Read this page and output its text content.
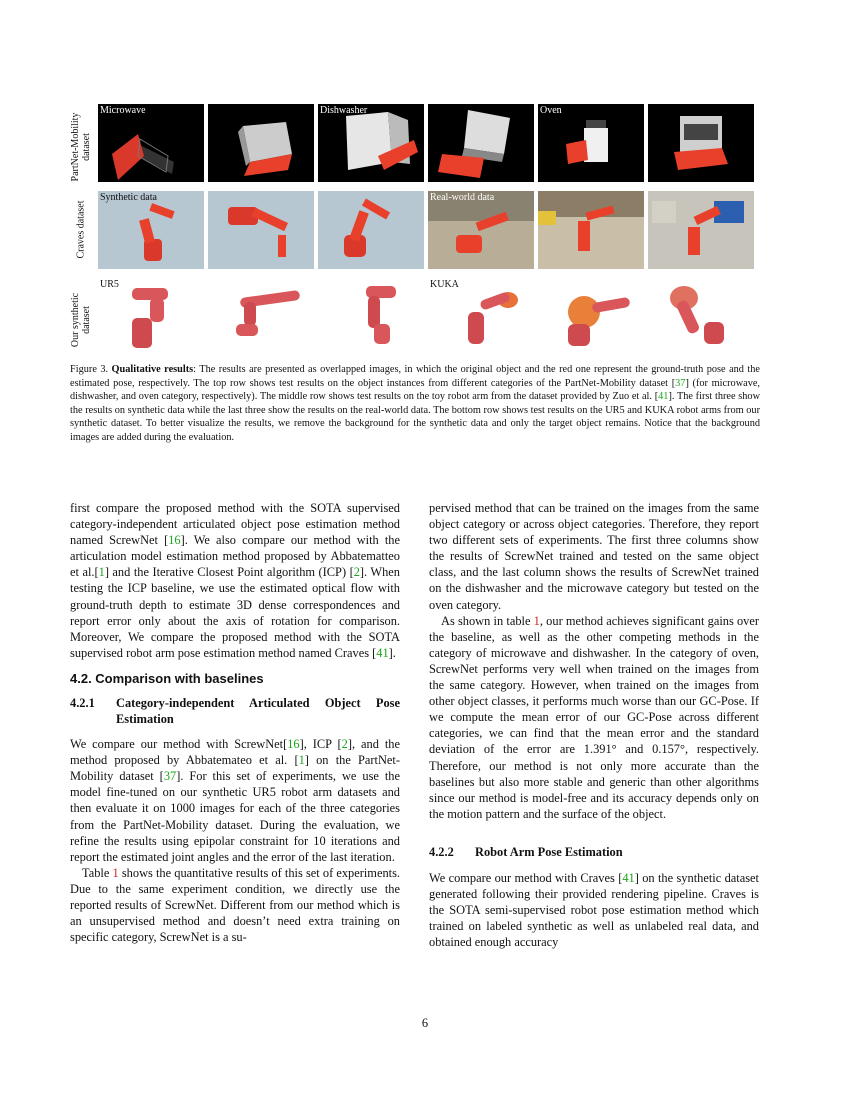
PartNet-Mobility dataset
Craves dataset
Our synthetic dataset
Microwave	Dishwasher	Oven
Synthetic data	Real-world data
UR5	KUKA
Figure 3. Qualitative results: The results are presented as overlapped images, in which the original object and the red one represent the ground-truth pose and the estimated pose, respectively. The top row shows test results on the object instances from different categories of the PartNet-Mobility dataset [37] (for microwave, dishwasher, and oven category, respectively). The middle row shows test results on the toy robot arm from the dataset provided by Zuo et al. [41]. The first three show the results on synthetic data while the last three show the results on the real-world data. The bottom row shows test results on the UR5 and KUKA robot arms from our synthetic dataset. To better visualize the results, we remove the background for the synthetic data and only the target object remains. Notice that the background images are added during the evaluation.

first compare the proposed method with the SOTA supervised category-independent articulated object pose estimation method named ScrewNet [16]. We also compare our method with the articulation model estimation method proposed by Abbatematteo et al.[1] and the Iterative Closest Point algorithm (ICP) [2]. When testing the ICP baseline, we use the estimated optical flow with ground-truth depth to estimate 3D dense correspondences and report error only about the axis of rotation for comparison. Moreover, We compare the proposed method with the SOTA supervised robot arm pose estimation method named Craves [41].

4.2. Comparison with baselines

4.2.1	Category-independent Articulated Object Pose Estimation

We compare our method with ScrewNet[16], ICP [2], and the method proposed by Abbatemateo et al. [1] on the PartNet-Mobility dataset [37]. For this set of experiments, we use the model fine-tuned on our synthetic UR5 robot arm datasets and then evaluate it on 1000 images for each of the three categories from the PartNet-Mobility dataset. During the evaluation, we refine the results using epipolar constraint for 10 iterations and report the estimated joint angles and the error of the last iteration.

Table 1 shows the quantitative results of this set of experiments. Due to the same experiment condition, we directly use the reported results of ScrewNet. Different from our method which is an unsupervised method and doesn’t need extra training on specific category, ScrewNet is a su-

pervised method that can be trained on the images from the same object category or across object categories. Therefore, they report two different sets of experiments. The first three columns show the results of ScrewNet trained and tested on the same object class, and the last column shows the results of ScrewNet trained on the dishwasher and the microwave category but tested on the oven category.

As shown in table 1, our method achieves significant gains over the baseline, as well as the other competing methods in the category of microwave and dishwasher. In the category of oven, ScrewNet performs very well when trained on the images from the same category. However, when trained on the images from other object classes, it performs much worse than our GC-Pose. If we compute the mean error of our GC-Pose across different categories, we can find that the mean error and the standard deviation of the error are 1.391° and 0.157°, respectively. Therefore, our method is not only more accurate than the baselines but also more stable and generic than other algorithms since our method is model-free and its accuracy depends only on the motion pattern and the surface of the object.

4.2.2	Robot Arm Pose Estimation

We compare our method with Craves [41] on the synthetic dataset generated following their provided rendering pipeline. Craves is the SOTA semi-supervised robot pose estimation method which trained on labeled synthetic as well as unlabeled real data, and obtained enough accuracy

6
